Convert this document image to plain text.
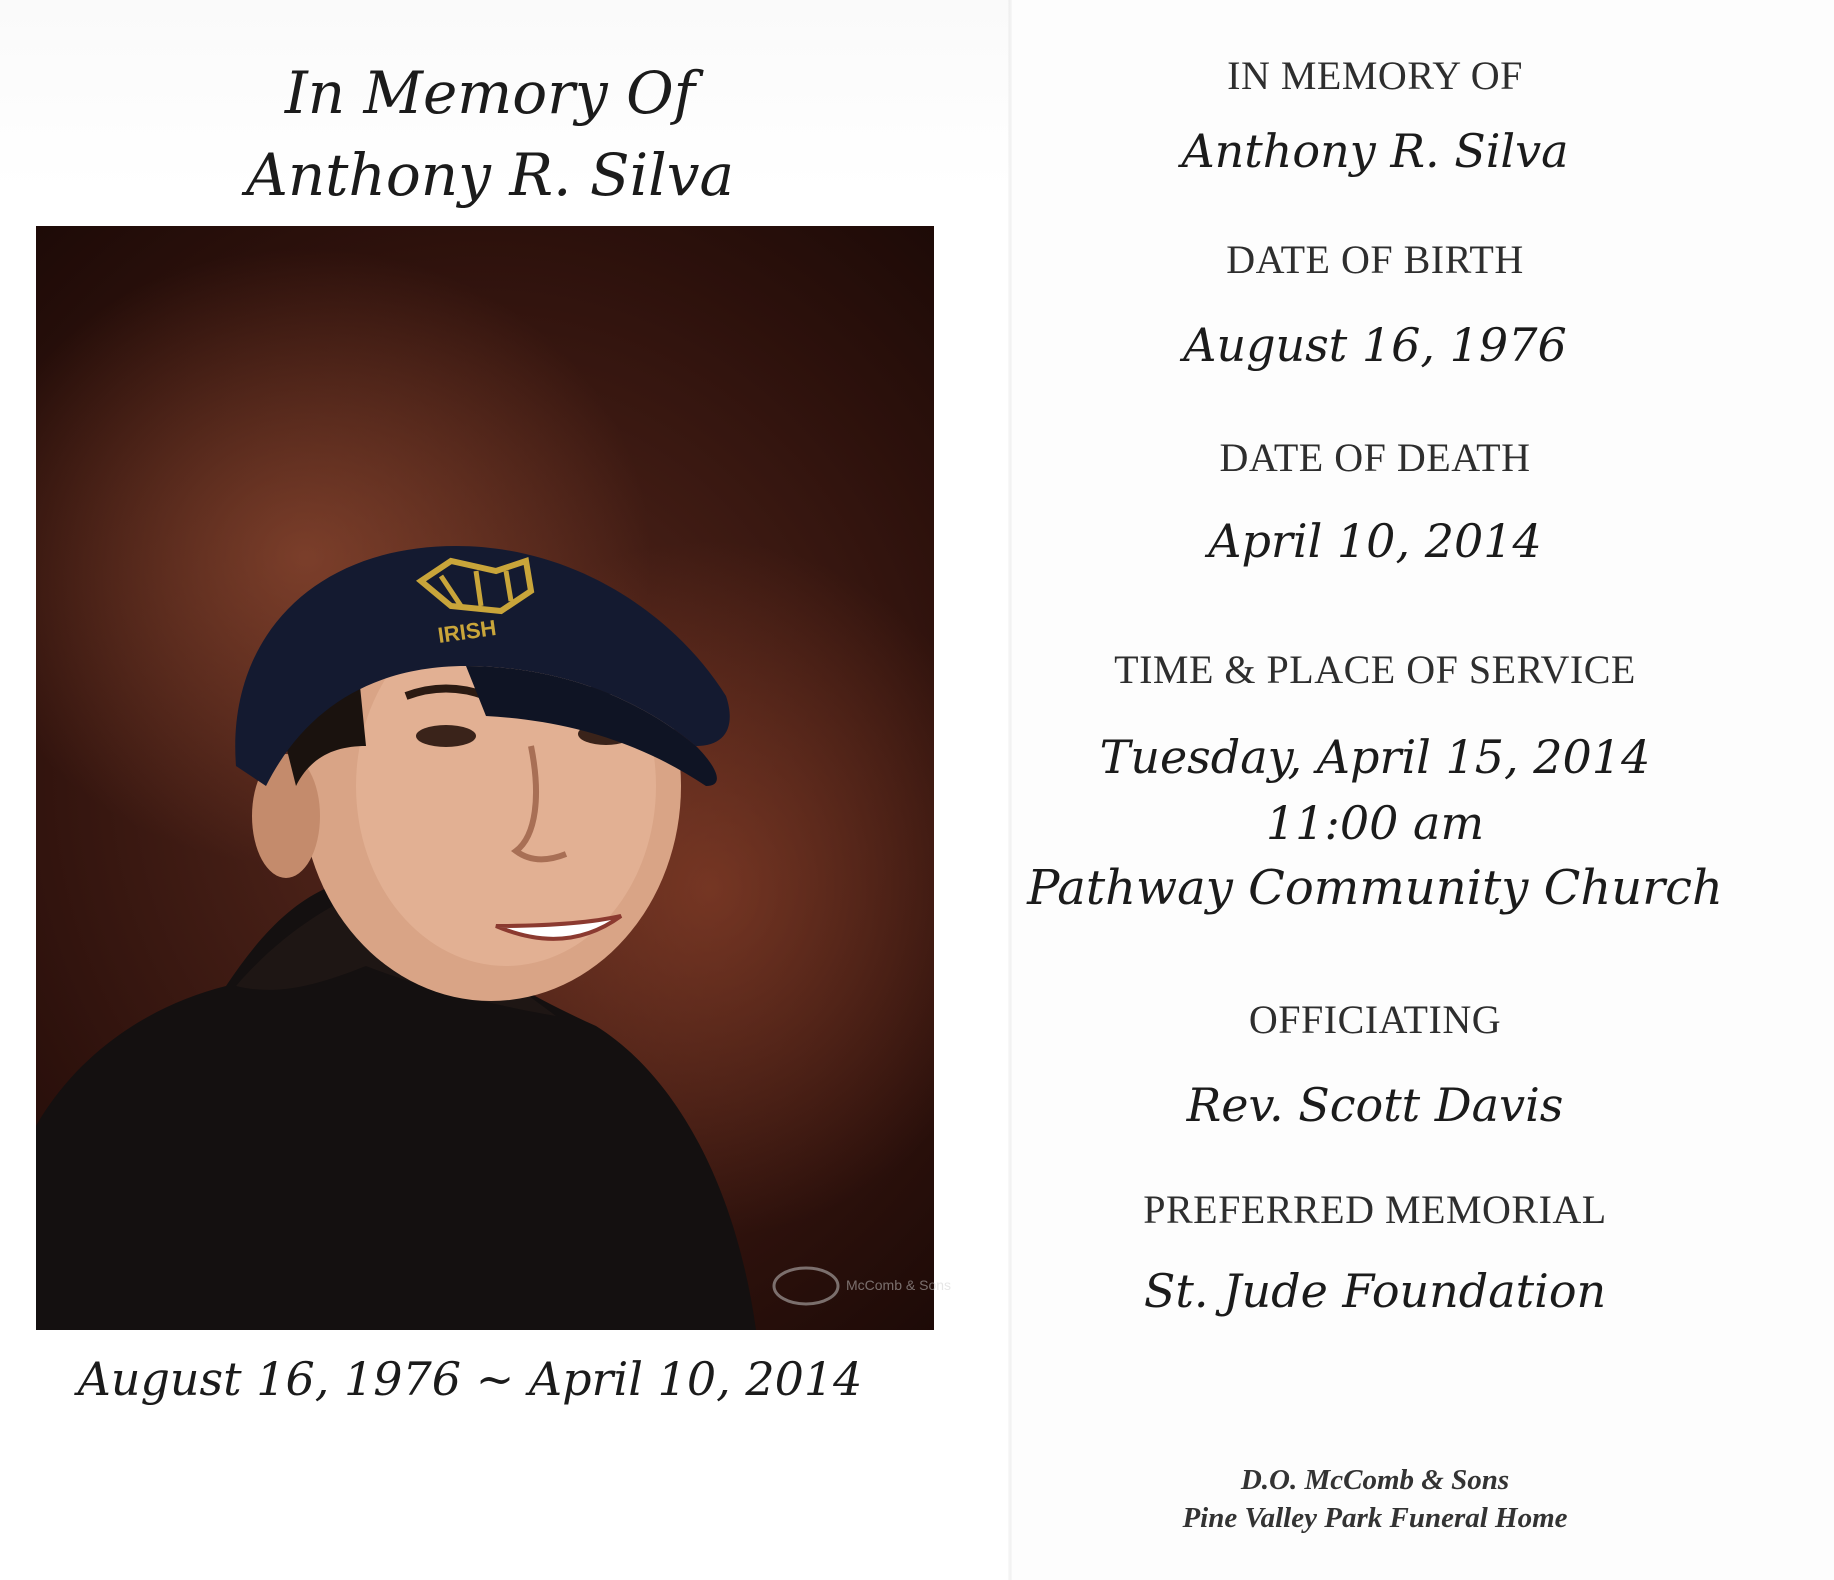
In Memory Of
Anthony R. Silva
IRISH
McComb & Sons
August 16, 1976 ~ April 10, 2014
IN MEMORY OF
Anthony R. Silva
DATE OF BIRTH
August 16, 1976
DATE OF DEATH
April 10, 2014
TIME & PLACE OF SERVICE
Tuesday, April 15, 2014
11:00 am
Pathway Community Church
OFFICIATING
Rev. Scott Davis
PREFERRED MEMORIAL
St. Jude Foundation
D.O. McComb & Sons
Pine Valley Park Funeral Home
